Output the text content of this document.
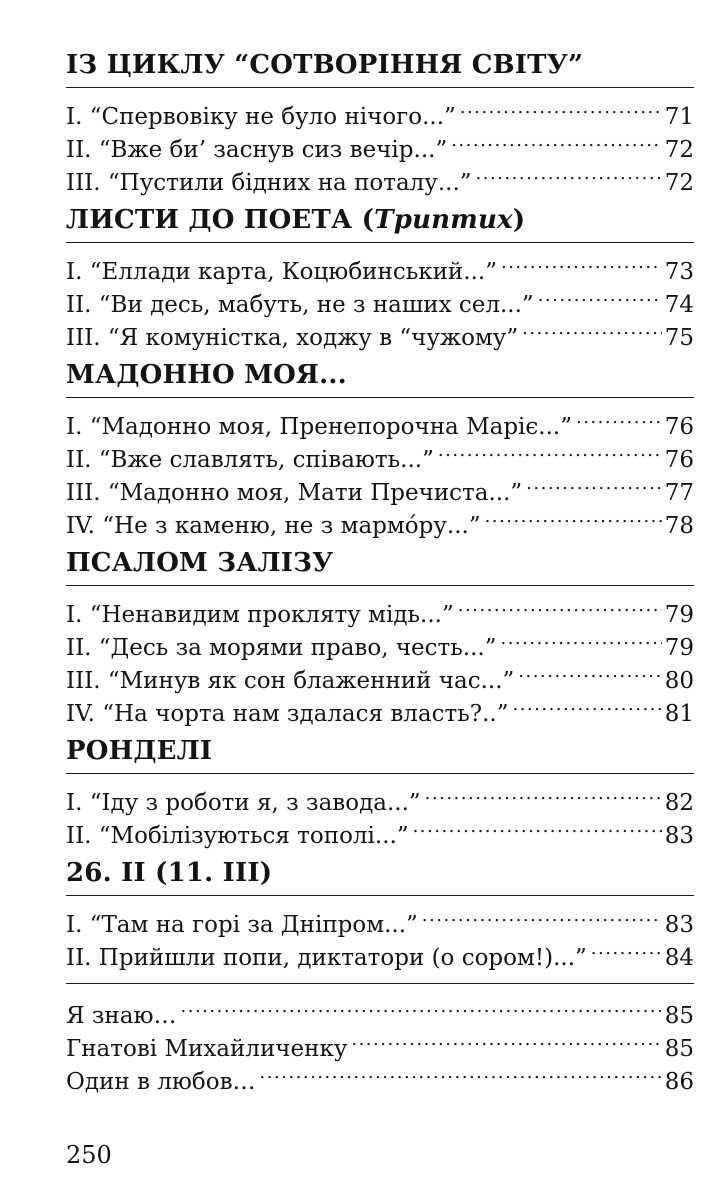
ІЗ ЦИКЛУ “СОТВОРІННЯ СВІТУ”
І. “Спервовіку не було нічого...” .....	71
ІІ. “Вже би’ заснув сиз вечір...” .....	72
ІІІ. “Пустили бідних на поталу...” .....	72
ЛИСТИ ДО ПОЕТА (Триптих)
І. “Еллади карта, Коцюбинський...” .....	73
ІІ. “Ви десь, мабуть, не з наших сел...” .....	74
ІІІ. “Я комуністка, ходжу в “чужому” .....	75
МАДОННО МОЯ...
І. “Мадонно моя, Пренепорочна Маріє...” .....	76
ІІ. “Вже славлять, співають...” .....	76
ІІІ. “Мадонно моя, Мати Пречиста...” .....	77
IV. “Не з каменю, не з мармо́ру...” .....	78
ПСАЛОМ ЗАЛІЗУ
І. “Ненавидим прокляту мідь...” .....	79
ІІ. “Десь за морями право, честь...” .....	79
ІІІ. “Минув як сон блаженний час...” .....	80
IV. “На чорта нам здалася власть?..” .....	81
РОНДЕЛІ
І. “Іду з роботи я, з завода...” .....	82
ІІ. “Мобілізуються тополі...” .....	83
26. ІІ (11. ІІІ)
І. “Там на горі за Дніпром...” .....	83
ІІ. Прийшли попи, диктатори (о сором!)...” .....	84
Я знаю… .....	85
Гнатові Михайличенку .....	85
Один в любов… .....	86
250
